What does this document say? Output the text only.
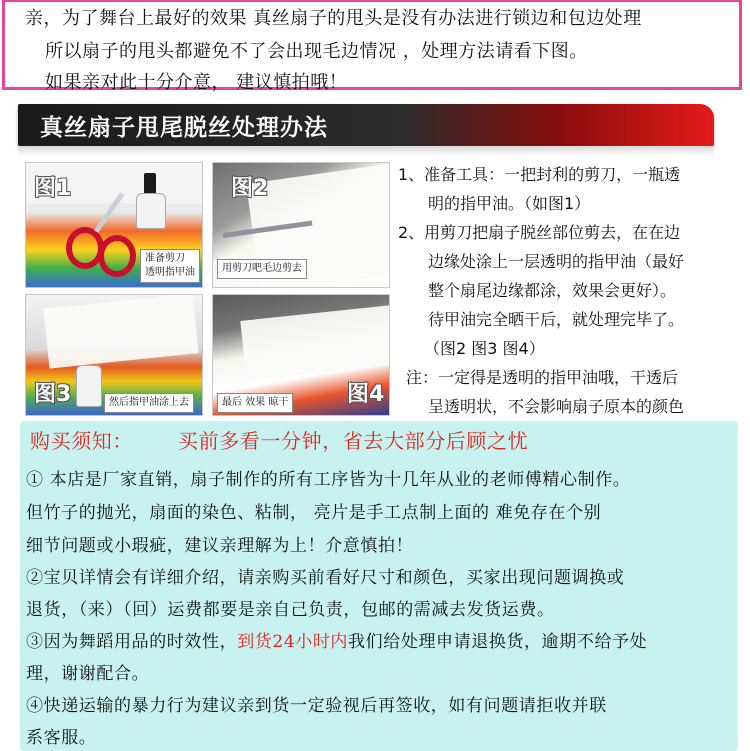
亲，为了舞台上最好的效果 真丝扇子的甩头是没有办法进行锁边和包边处理
所以扇子的甩头都避免不了会出现毛边情况 ，处理方法请看下图。
如果亲对此十分介意， 建议慎拍哦！
真丝扇子甩尾脱丝处理办法
图1
准备剪刀
透明指甲油
图2
用剪刀吧毛边剪去
图3	然后指甲油涂上去	图4
最后 效果 晾干
1、准备工具：一把封利的剪刀，一瓶透
明的指甲油。（如图1）
2、用剪刀把扇子脱丝部位剪去，在在边
边缘处涂上一层透明的指甲油（最好
整个扇尾边缘都涂，效果会更好）。
待甲油完全晒干后，就处理完毕了。
（图2 图3 图4）
注：一定得是透明的指甲油哦，干透后
呈透明状，不会影响扇子原本的颜色
购买须知： 买前多看一分钟，省去大部分后顾之忧
① 本店是厂家直销，扇子制作的所有工序皆为十几年从业的老师傅精心制作。
但竹子的抛光，扇面的染色、粘制， 亮片是手工点制上面的 难免存在个别
细节问题或小瑕疵，建议亲理解为上！介意慎拍！
②宝贝详情会有详细介绍，请亲购买前看好尺寸和颜色，买家出现问题调换或
退货，（来）（回）运费都要是亲自己负责，包邮的需减去发货运费。
③因为舞蹈用品的时效性，到货24小时内我们给处理申请退换货，逾期不给予处
理，谢谢配合。
④快递运输的暴力行为建议亲到货一定验视后再签收，如有问题请拒收并联
系客服。
